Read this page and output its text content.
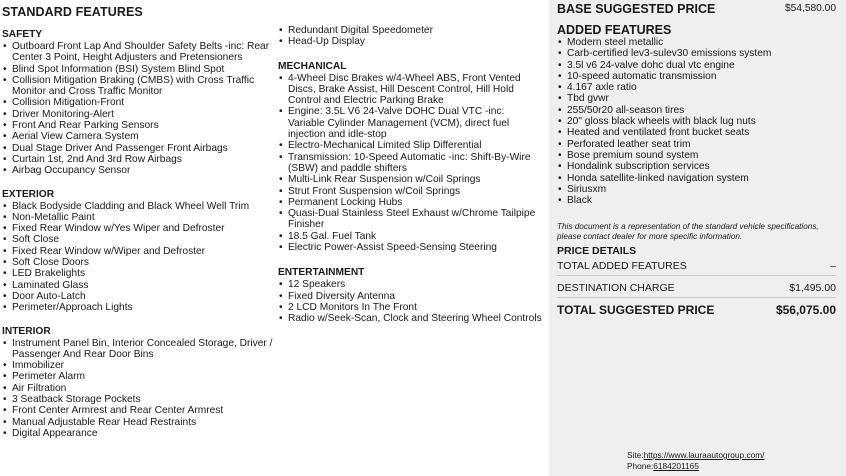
STANDARD FEATURES
SAFETY
• Outboard Front Lap And Shoulder Safety Belts -inc: Rear Center 3 Point, Height Adjusters and Pretensioners
• Blind Spot Information (BSI) System Blind Spot
• Collision Mitigation Braking (CMBS) with Cross Traffic Monitor and Cross Traffic Monitor
• Collision Mitigation-Front
• Driver Monitoring-Alert
• Front And Rear Parking Sensors
• Aerial View Camera System
• Dual Stage Driver And Passenger Front Airbags
• Curtain 1st, 2nd And 3rd Row Airbags
• Airbag Occupancy Sensor
EXTERIOR
• Black Bodyside Cladding and Black Wheel Well Trim
• Non-Metallic Paint
• Fixed Rear Window w/Yes Wiper and Defroster
• Soft Close
• Fixed Rear Window w/Wiper and Defroster
• Soft Close Doors
• LED Brakelights
• Laminated Glass
• Door Auto-Latch
• Perimeter/Approach Lights
INTERIOR
• Instrument Panel Bin, Interior Concealed Storage, Driver / Passenger And Rear Door Bins
• Immobilizer
• Perimeter Alarm
• Air Filtration
• 3 Seatback Storage Pockets
• Front Center Armrest and Rear Center Armrest
• Manual Adjustable Rear Head Restraints
• Digital Appearance
• Redundant Digital Speedometer
• Head-Up Display
MECHANICAL
• 4-Wheel Disc Brakes w/4-Wheel ABS, Front Vented Discs, Brake Assist, Hill Descent Control, Hill Hold Control and Electric Parking Brake
• Engine: 3.5L V6 24-Valve DOHC Dual VTC -inc: Variable Cylinder Management (VCM), direct fuel injection and idle-stop
• Electro-Mechanical Limited Slip Differential
• Transmission: 10-Speed Automatic -inc: Shift-By-Wire (SBW) and paddle shifters
• Multi-Link Rear Suspension w/Coil Springs
• Strut Front Suspension w/Coil Springs
• Permanent Locking Hubs
• Quasi-Dual Stainless Steel Exhaust w/Chrome Tailpipe Finisher
• 18.5 Gal. Fuel Tank
• Electric Power-Assist Speed-Sensing Steering
ENTERTAINMENT
• 12 Speakers
• Fixed Diversity Antenna
• 2 LCD Monitors In The Front
• Radio w/Seek-Scan, Clock and Steering Wheel Controls
BASE SUGGESTED PRICE	$54,580.00
ADDED FEATURES
• Modern steel metallic
• Carb-certified lev3-sulev30 emissions system
• 3.5l v6 24-valve dohc dual vtc engine
• 10-speed automatic transmission
• 4.167 axle ratio
• Tbd gvwr
• 255/50r20 all-season tires
• 20" gloss black wheels with black lug nuts
• Heated and ventilated front bucket seats
• Perforated leather seat trim
• Bose premium sound system
• Hondalink subscription services
• Honda satellite-linked navigation system
• Siriusxm
• Black
This document is a representation of the standard vehicle specifications, please contact dealer for more specific information.
PRICE DETAILS
TOTAL ADDED FEATURES	–
DESTINATION CHARGE	$1,495.00
TOTAL SUGGESTED PRICE	$56,075.00
Site:https://www.lauraautogroup.com/
Phone:6184201165
